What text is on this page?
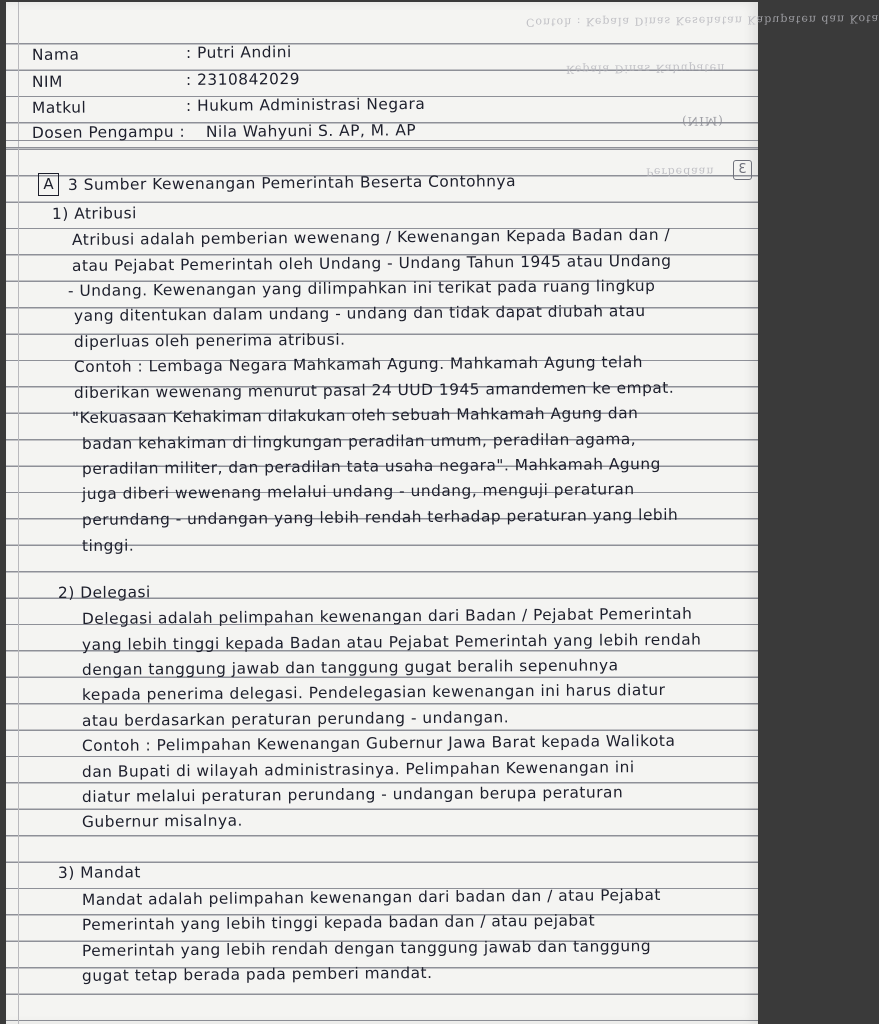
Contoh : Kepala Dinas Kesehatan Kabupaten dan Kota
Kepala Dinas Kabupaten
(NIM)
Perbedaan	3
Nama	: Putri Andini
NIM	: 2310842029
Matkul	: Hukum Administrasi Negara
Dosen Pengampu : Nila Wahyuni S. AP, M. AP
A 3 Sumber Kewenangan Pemerintah Beserta Contohnya
1) Atribusi
Atribusi adalah pemberian wewenang / Kewenangan Kepada Badan dan /
atau Pejabat Pemerintah oleh Undang - Undang Tahun 1945 atau Undang
- Undang. Kewenangan yang dilimpahkan ini terikat pada ruang lingkup
yang ditentukan dalam undang - undang dan tidak dapat diubah atau
diperluas oleh penerima atribusi.
Contoh : Lembaga Negara Mahkamah Agung. Mahkamah Agung telah
diberikan wewenang menurut pasal 24 UUD 1945 amandemen ke empat.
"Kekuasaan Kehakiman dilakukan oleh sebuah Mahkamah Agung dan
badan kehakiman di lingkungan peradilan umum, peradilan agama,
peradilan militer, dan peradilan tata usaha negara". Mahkamah Agung
juga diberi wewenang melalui undang - undang, menguji peraturan
perundang - undangan yang lebih rendah terhadap peraturan yang lebih
tinggi.
2) Delegasi
Delegasi adalah pelimpahan kewenangan dari Badan / Pejabat Pemerintah
yang lebih tinggi kepada Badan atau Pejabat Pemerintah yang lebih rendah
dengan tanggung jawab dan tanggung gugat beralih sepenuhnya
kepada penerima delegasi. Pendelegasian kewenangan ini harus diatur
atau berdasarkan peraturan perundang - undangan.
Contoh : Pelimpahan Kewenangan Gubernur Jawa Barat kepada Walikota
dan Bupati di wilayah administrasinya. Pelimpahan Kewenangan ini
diatur melalui peraturan perundang - undangan berupa peraturan
Gubernur misalnya.
3) Mandat
Mandat adalah pelimpahan kewenangan dari badan dan / atau Pejabat
Pemerintah yang lebih tinggi kepada badan dan / atau pejabat
Pemerintah yang lebih rendah dengan tanggung jawab dan tanggung
gugat tetap berada pada pemberi mandat.
